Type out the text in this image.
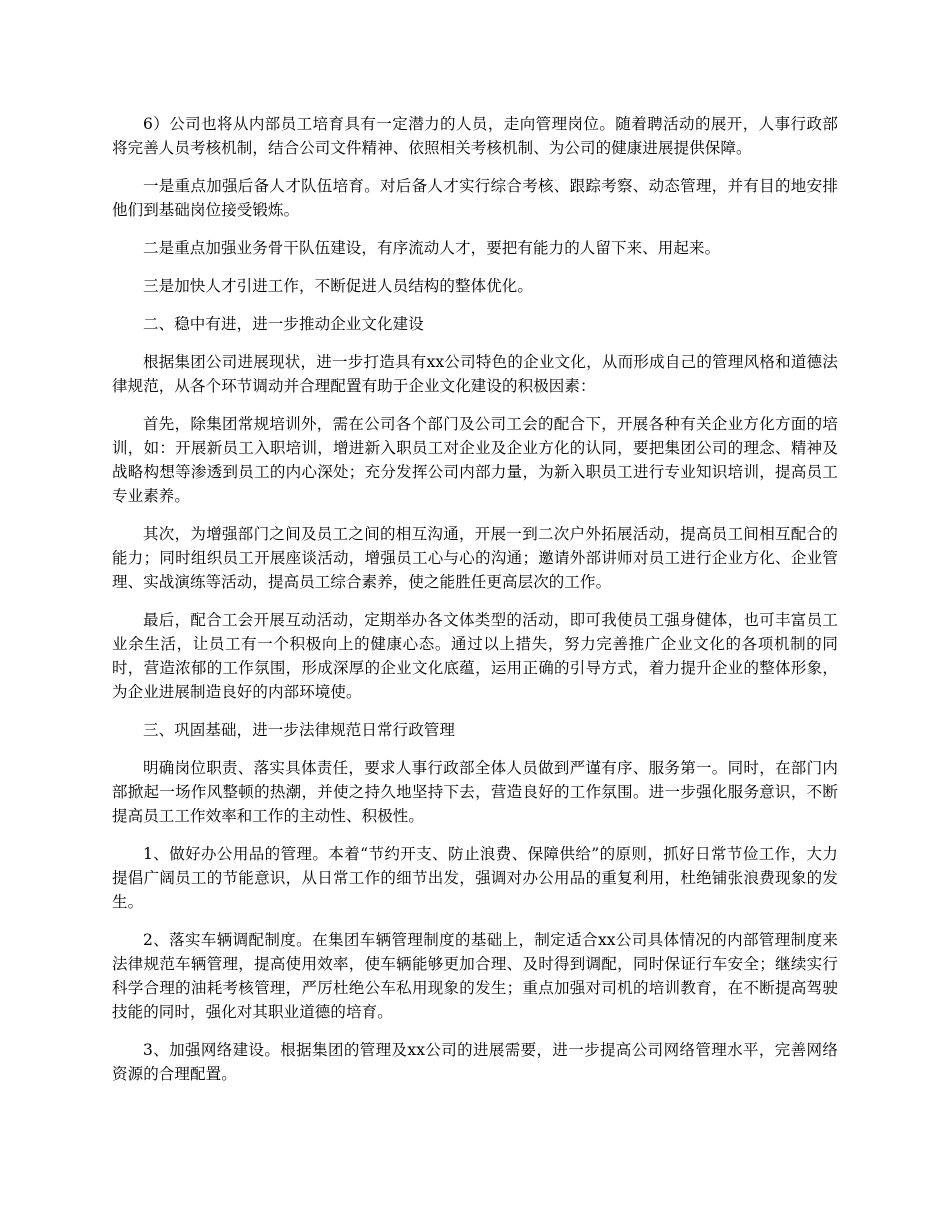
6）公司也将从内部员工培育具有一定潜力的人员，走向管理岗位。随着聘活动的展开，人事行政部将完善人员考核机制，结合公司文件精神、依照相关考核机制、为公司的健康进展提供保障。

一是重点加强后备人才队伍培育。对后备人才实行综合考核、跟踪考察、动态管理，并有目的地安排他们到基础岗位接受锻炼。

二是重点加强业务骨干队伍建设，有序流动人才，要把有能力的人留下来、用起来。

三是加快人才引进工作，不断促进人员结构的整体优化。

二、稳中有进，进一步推动企业文化建设

根据集团公司进展现状，进一步打造具有xx公司特色的企业文化，从而形成自己的管理风格和道德法律规范，从各个环节调动并合理配置有助于企业文化建设的积极因素：

首先，除集团常规培训外，需在公司各个部门及公司工会的配合下，开展各种有关企业方化方面的培训，如：开展新员工入职培训，增进新入职员工对企业及企业方化的认同，要把集团公司的理念、精神及战略构想等渗透到员工的内心深处；充分发挥公司内部力量，为新入职员工进行专业知识培训，提高员工专业素养。

其次，为增强部门之间及员工之间的相互沟通，开展一到二次户外拓展活动，提高员工间相互配合的能力；同时组织员工开展座谈活动，增强员工心与心的沟通；邀请外部讲师对员工进行企业方化、企业管理、实战演练等活动，提高员工综合素养，使之能胜任更高层次的工作。

最后，配合工会开展互动活动，定期举办各文体类型的活动，即可我使员工强身健体，也可丰富员工业余生活，让员工有一个积极向上的健康心态。通过以上措失，努力完善推广企业文化的各项机制的同时，营造浓郁的工作氛围，形成深厚的企业文化底蕴，运用正确的引导方式，着力提升企业的整体形象，为企业进展制造良好的内部环境使。

三、巩固基础，进一步法律规范日常行政管理

明确岗位职责、落实具体责任，要求人事行政部全体人员做到严谨有序、服务第一。同时，在部门内部掀起一场作风整顿的热潮，并使之持久地坚持下去，营造良好的工作氛围。进一步强化服务意识，不断提高员工工作效率和工作的主动性、积极性。

1、做好办公用品的管理。本着“节约开支、防止浪费、保障供给”的原则，抓好日常节俭工作，大力提倡广阔员工的节能意识，从日常工作的细节出发，强调对办公用品的重复利用，杜绝铺张浪费现象的发生。

2、落实车辆调配制度。在集团车辆管理制度的基础上，制定适合xx公司具体情况的内部管理制度来法律规范车辆管理，提高使用效率，使车辆能够更加合理、及时得到调配，同时保证行车安全；继续实行科学合理的油耗考核管理，严厉杜绝公车私用现象的发生；重点加强对司机的培训教育，在不断提高驾驶技能的同时，强化对其职业道德的培育。

3、加强网络建设。根据集团的管理及xx公司的进展需要，进一步提高公司网络管理水平，完善网络资源的合理配置。
